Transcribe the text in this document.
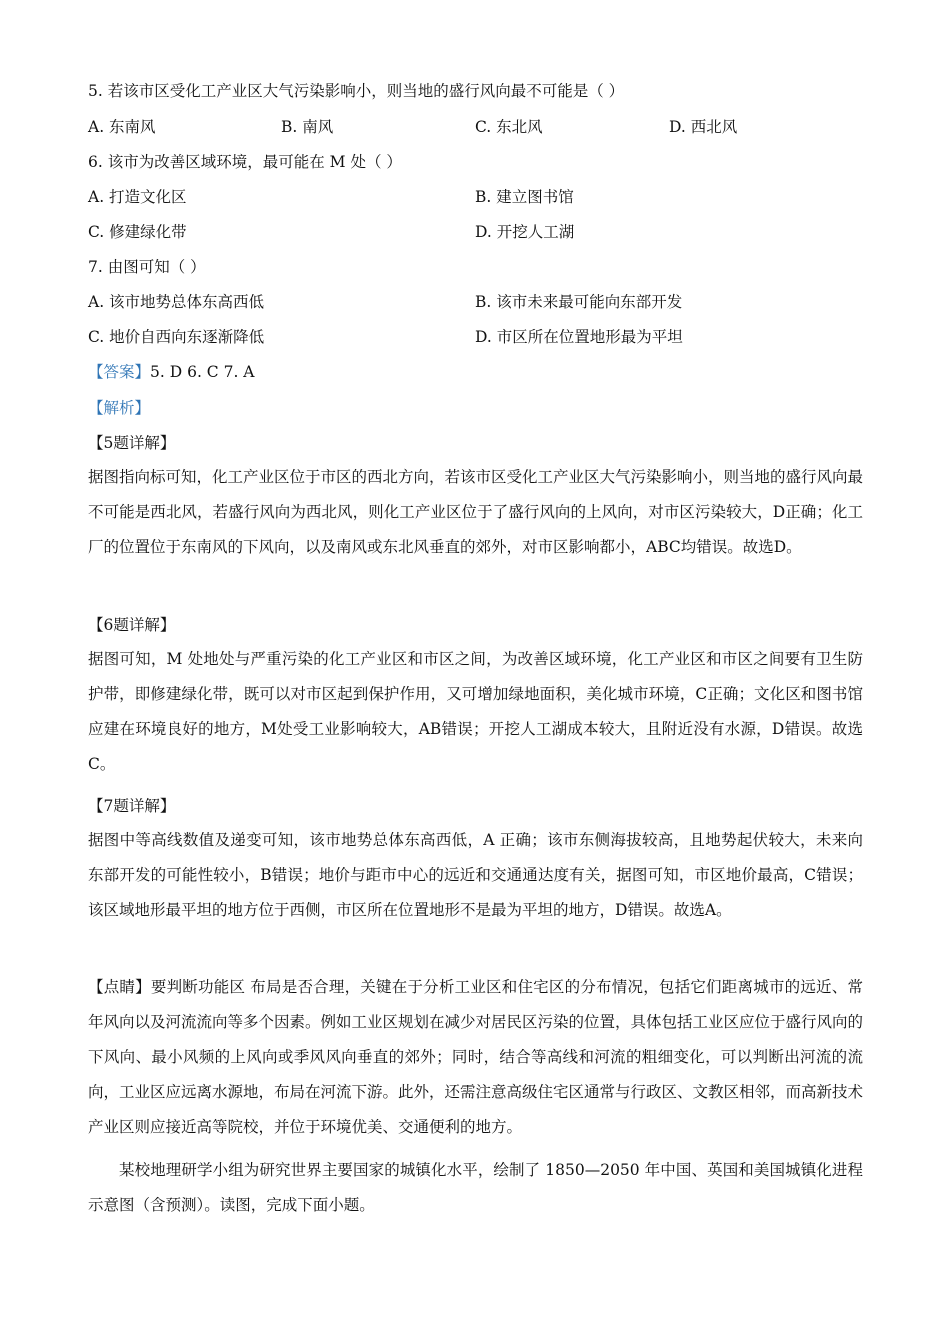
5. 若该市区受化工产业区大气污染影响小，则当地的盛行风向最不可能是（ ）
A. 东南风	B. 南风	C. 东北风	D. 西北风
6. 该市为改善区域环境，最可能在 M 处（ ）
A. 打造文化区	B. 建立图书馆
C. 修建绿化带	D. 开挖人工湖
7. 由图可知（ ）
A. 该市地势总体东高西低	B. 该市未来最可能向东部开发
C. 地价自西向东逐渐降低	D. 市区所在位置地形最为平坦
【答案】5. D 6. C 7. A
【解析】
【5题详解】
据图指向标可知，化工产业区位于市区的西北方向，若该市区受化工产业区大气污染影响小，则当地的盛行风向最不可能是西北风，若盛行风向为西北风，则化工产业区位于了盛行风向的上风向，对市区污染较大，D正确；化工厂的位置位于东南风的下风向，以及南风或东北风垂直的郊外，对市区影响都小，ABC均错误。故选D。
【6题详解】
据图可知，M 处地处与严重污染的化工产业区和市区之间，为改善区域环境，化工产业区和市区之间要有卫生防护带，即修建绿化带，既可以对市区起到保护作用，又可增加绿地面积，美化城市环境，C正确；文化区和图书馆应建在环境良好的地方，M处受工业影响较大，AB错误；开挖人工湖成本较大，且附近没有水源，D错误。故选C。
【7题详解】
据图中等高线数值及递变可知，该市地势总体东高西低，A 正确；该市东侧海拔较高，且地势起伏较大，未来向东部开发的可能性较小，B错误；地价与距市中心的远近和交通通达度有关，据图可知，市区地价最高，C错误；该区域地形最平坦的地方位于西侧，市区所在位置地形不是最为平坦的地方，D错误。故选A。
【点睛】要判断功能区 布局是否合理，关键在于分析工业区和住宅区的分布情况，包括它们距离城市的远近、常年风向以及河流流向等多个因素。例如工业区规划在减少对居民区污染的位置，具体包括工业区应位于盛行风向的下风向、最小风频的上风向或季风风向垂直的郊外；同时，结合等高线和河流的粗细变化，可以判断出河流的流向，工业区应远离水源地，布局在河流下游。此外，还需注意高级住宅区通常与行政区、文教区相邻，而高新技术产业区则应接近高等院校，并位于环境优美、交通便利的地方。
某校地理研学小组为研究世界主要国家的城镇化水平，绘制了 1850—2050 年中国、英国和美国城镇化进程示意图（含预测）。读图，完成下面小题。
